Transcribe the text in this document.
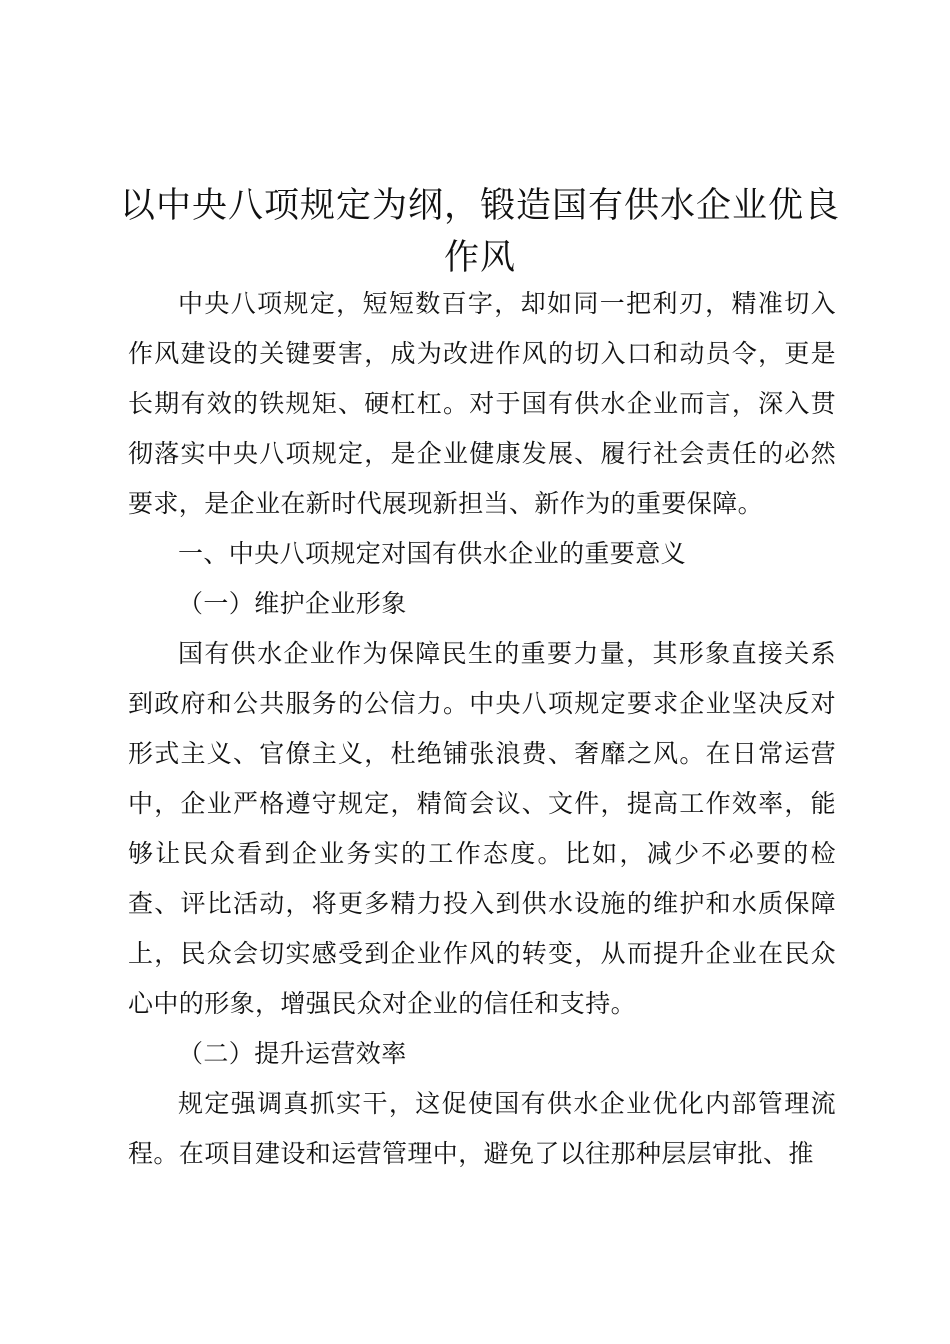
以中央八项规定为纲，锻造国有供水企业优良作风

中央八项规定，短短数百字，却如同一把利刃，精准切入作风建设的关键要害，成为改进作风的切入口和动员令，更是长期有效的铁规矩、硬杠杠。对于国有供水企业而言，深入贯彻落实中央八项规定，是企业健康发展、履行社会责任的必然要求，是企业在新时代展现新担当、新作为的重要保障。

一、中央八项规定对国有供水企业的重要意义

（一）维护企业形象

国有供水企业作为保障民生的重要力量，其形象直接关系到政府和公共服务的公信力。中央八项规定要求企业坚决反对形式主义、官僚主义，杜绝铺张浪费、奢靡之风。在日常运营中，企业严格遵守规定，精简会议、文件，提高工作效率，能够让民众看到企业务实的工作态度。比如，减少不必要的检查、评比活动，将更多精力投入到供水设施的维护和水质保障上，民众会切实感受到企业作风的转变，从而提升企业在民众心中的形象，增强民众对企业的信任和支持。

（二）提升运营效率

规定强调真抓实干，这促使国有供水企业优化内部管理流程。在项目建设和运营管理中，避免了以往那种层层审批、推
